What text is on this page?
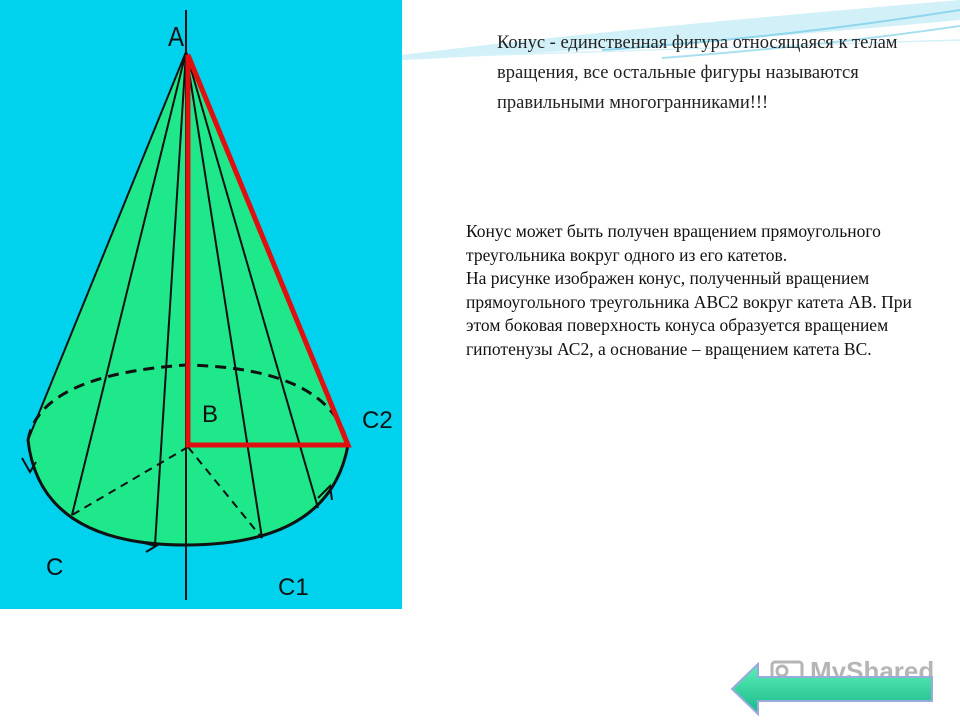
A
B
C
C1
C2
Конус - единственная фигура относящаяся к телам вращения, все остальные фигуры называются правильными многогранниками!!!

Конус может быть получен вращением прямоугольного треугольника вокруг одного из его катетов.

На рисунке изображен конус, полученный вращением прямоугольного треугольника АВС2 вокруг катета АВ. При этом боковая поверхность конуса образуется вращением гипотенузы АС2, а основание – вращением катета ВС.

MyShared
